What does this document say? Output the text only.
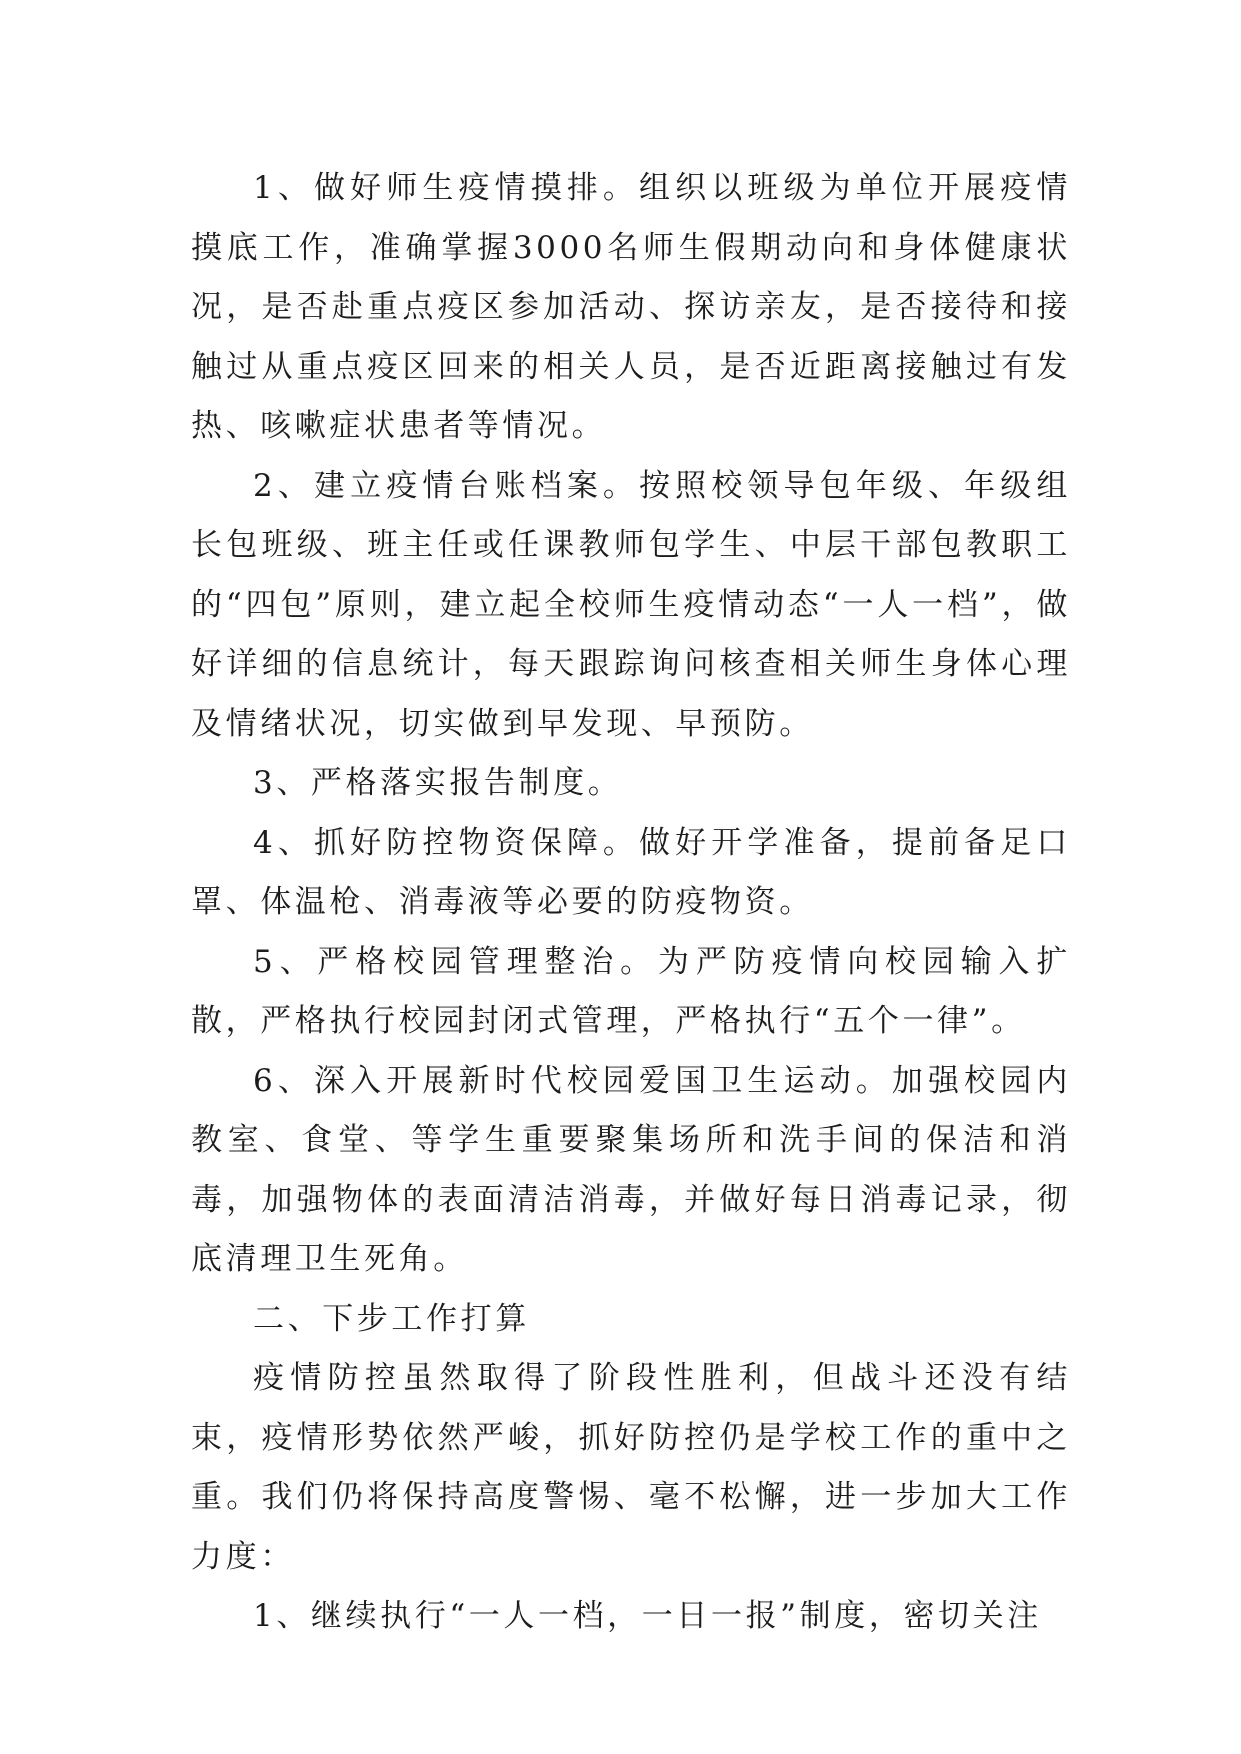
1、做好师生疫情摸排。组织以班级为单位开展疫情摸底工作，准确掌握3000名师生假期动向和身体健康状况，是否赴重点疫区参加活动、探访亲友，是否接待和接触过从重点疫区回来的相关人员，是否近距离接触过有发热、咳嗽症状患者等情况。

2、建立疫情台账档案。按照校领导包年级、年级组长包班级、班主任或任课教师包学生、中层干部包教职工的“四包”原则，建立起全校师生疫情动态“一人一档”，做好详细的信息统计，每天跟踪询问核查相关师生身体心理及情绪状况，切实做到早发现、早预防。

3、严格落实报告制度。

4、抓好防控物资保障。做好开学准备，提前备足口罩、体温枪、消毒液等必要的防疫物资。

5、严格校园管理整治。为严防疫情向校园输入扩散，严格执行校园封闭式管理，严格执行“五个一律”。

6、深入开展新时代校园爱国卫生运动。加强校园内教室、食堂、等学生重要聚集场所和洗手间的保洁和消毒，加强物体的表面清洁消毒，并做好每日消毒记录，彻底清理卫生死角。

二、下步工作打算

疫情防控虽然取得了阶段性胜利，但战斗还没有结束，疫情形势依然严峻，抓好防控仍是学校工作的重中之重。我们仍将保持高度警惕、毫不松懈，进一步加大工作力度：

1、继续执行“一人一档，一日一报”制度，密切关注
